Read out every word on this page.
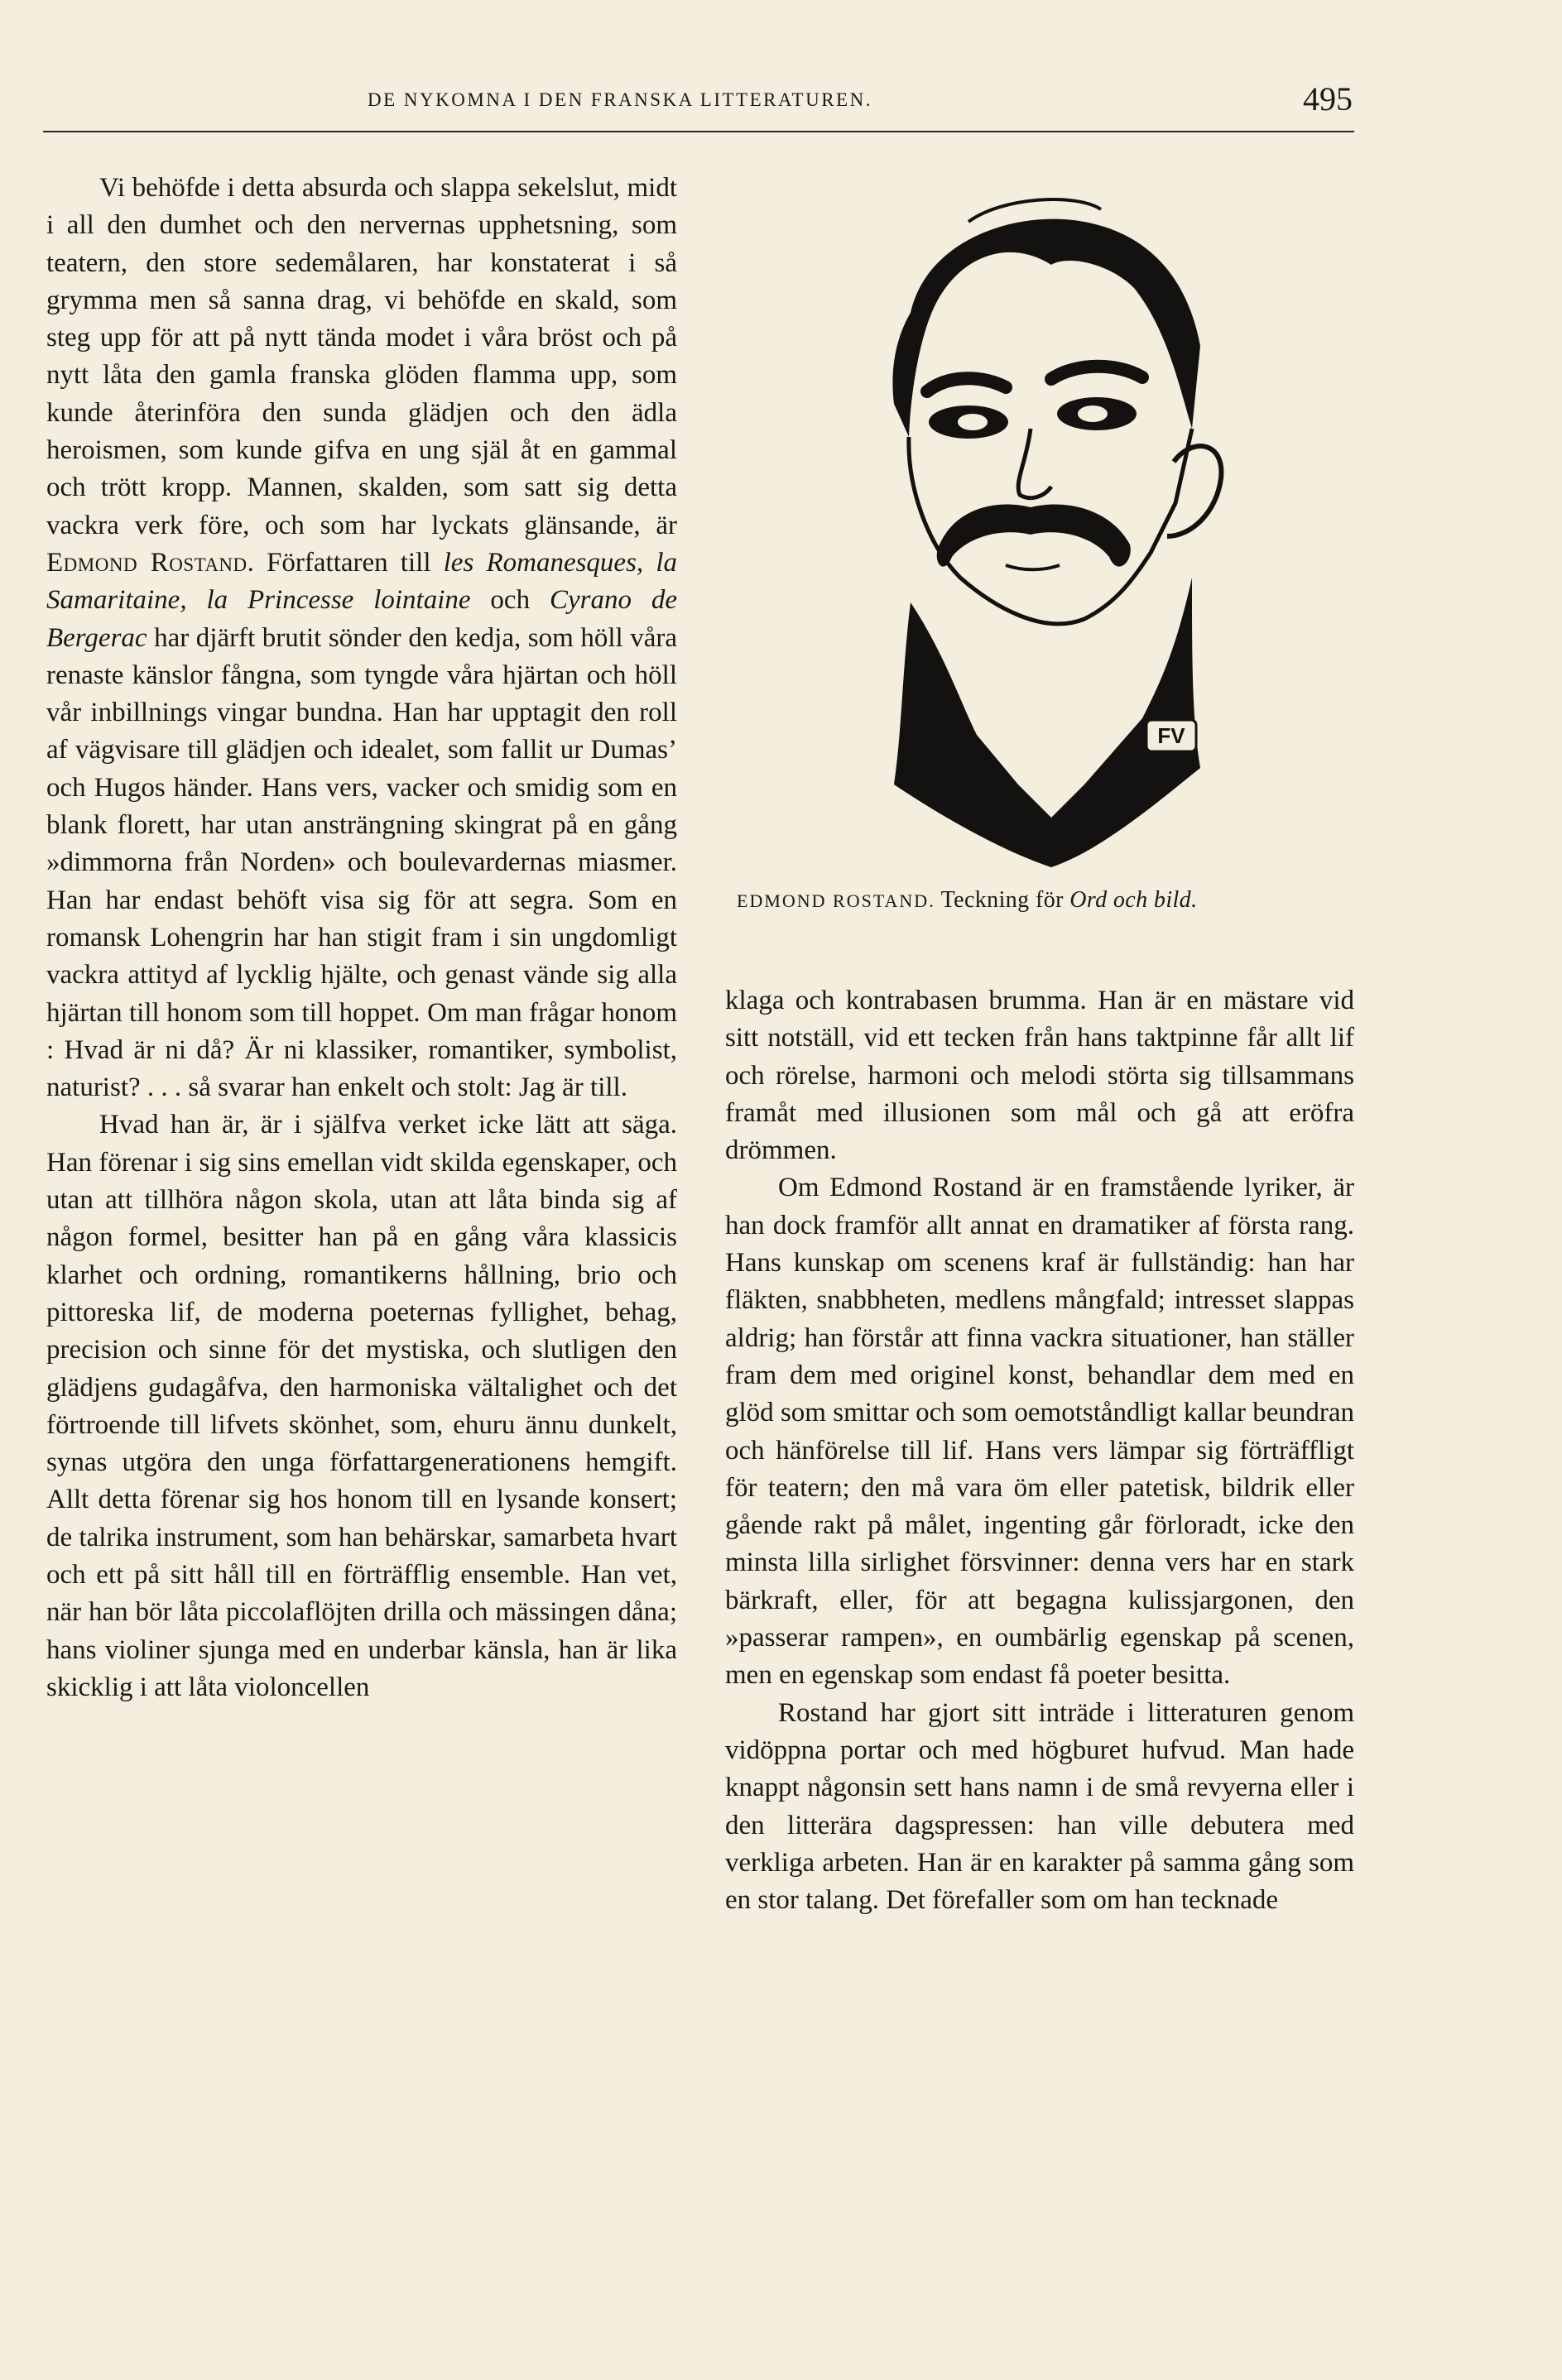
DE NYKOMNA I DEN FRANSKA LITTERATUREN.	495

Vi behöfde i detta absurda och slappa sekelslut, midt i all den dumhet och den nervernas upphetsning, som teatern, den store sedemålaren, har konstaterat i så grymma men så sanna drag, vi behöfde en skald, som steg upp för att på nytt tända modet i våra bröst och på nytt låta den gamla franska glöden flamma upp, som kunde återinföra den sunda glädjen och den ädla heroismen, som kunde gifva en ung själ åt en gammal och trött kropp. Mannen, skalden, som satt sig detta vackra verk före, och som har lyckats glänsande, är Edmond Rostand. Författaren till les Romanesques, la Samaritaine, la Princesse lointaine och Cyrano de Bergerac har djärft brutit sönder den kedja, som höll våra renaste känslor fångna, som tyngde våra hjärtan och höll vår inbillnings vingar bundna. Han har upptagit den roll af vägvisare till glädjen och idealet, som fallit ur Dumas’ och Hugos händer. Hans vers, vacker och smidig som en blank florett, har utan ansträngning skingrat på en gång »dimmorna från Norden» och boulevardernas miasmer. Han har endast behöft visa sig för att segra. Som en romansk Lohengrin har han stigit fram i sin ungdomligt vackra attityd af lycklig hjälte, och genast vände sig alla hjärtan till honom som till hoppet. Om man frågar honom : Hvad är ni då? Är ni klassiker, romantiker, symbolist, naturist? . . . så svarar han enkelt och stolt: Jag är till.

Hvad han är, är i själfva verket icke lätt att säga. Han förenar i sig sins emellan vidt skilda egenskaper, och utan att tillhöra någon skola, utan att låta binda sig af någon formel, besitter han på en gång våra klassicis klarhet och ordning, romantikerns hållning, brio och pittoreska lif, de moderna poeternas fyllighet, behag, precision och sinne för det mystiska, och slutligen den glädjens gudagåfva, den harmoniska vältalighet och det förtroende till lifvets skönhet, som, ehuru ännu dunkelt, synas utgöra den unga författargenerationens hemgift. Allt detta förenar sig hos honom till en lysande konsert; de talrika instrument, som han behärskar, samarbeta hvart och ett på sitt håll till en förträfflig ensemble. Han vet, när han bör låta piccolaflöjten drilla och mässingen dåna; hans violiner sjunga med en underbar känsla, han är lika skicklig i att låta violoncellen

FV
EDMOND ROSTAND. Teckning för Ord och bild.

klaga och kontrabasen brumma. Han är en mästare vid sitt notställ, vid ett tecken från hans taktpinne får allt lif och rörelse, harmoni och melodi störta sig tillsammans framåt med illusionen som mål och gå att eröfra drömmen.

Om Edmond Rostand är en framstående lyriker, är han dock framför allt annat en dramatiker af första rang. Hans kunskap om scenens kraf är fullständig: han har fläkten, snabbheten, medlens mångfald; intresset slappas aldrig; han förstår att finna vackra situationer, han ställer fram dem med originel konst, behandlar dem med en glöd som smittar och som oemotståndligt kallar beundran och hänförelse till lif. Hans vers lämpar sig förträffligt för teatern; den må vara öm eller patetisk, bildrik eller gående rakt på målet, ingenting går förloradt, icke den minsta lilla sirlighet försvinner: denna vers har en stark bärkraft, eller, för att begagna kulissjargonen, den »passerar rampen», en oumbärlig egenskap på scenen, men en egenskap som endast få poeter besitta.

Rostand har gjort sitt inträde i litteraturen genom vidöppna portar och med högburet hufvud. Man hade knappt någonsin sett hans namn i de små revyerna eller i den litterära dagspressen: han ville debutera med verkliga arbeten. Han är en karakter på samma gång som en stor talang. Det förefaller som om han tecknade
